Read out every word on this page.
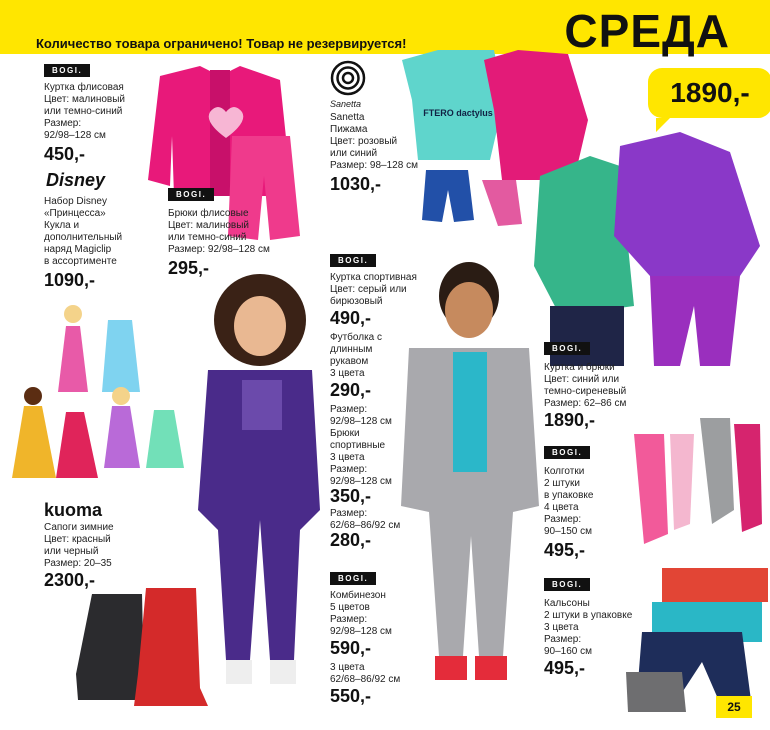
Количество товара ограничено! Товар не резервируется!	СРЕДА
FTERO dactylus
BOGI.
Куртка флисовая
Цвет: малиновый
или темно-синий
Размер:
92/98–128 см
450,-
Disney
Набор Disney
«Принцесса»
Кукла и
дополнительный
наряд Magiclip
в ассортименте
1090,-
BOGI.
Брюки флисовые
Цвет: малиновый
или темно-синий
Размер: 92/98–128 см
295,-
Sanetta
Sanetta
Пижама
Цвет: розовый
или синий
Размер: 98–128 см
1030,-
BOGI.
Куртка спортивная
Цвет: серый или
бирюзовый
490,-
Футболка с
длинным
рукавом
3 цвета
290,-
Размер:
92/98–128 см
Брюки
спортивные
3 цвета
Размер:
92/98–128 см
350,-
Размер:
62/68–86/92 см
280,-
BOGI.
Комбинезон
5 цветов
Размер:
92/98–128 см
590,-
3 цвета
62/68–86/92 см
550,-
kuoma
Сапоги зимние
Цвет: красный
или черный
Размер: 20–35
2300,-
BOGI.
Куртка и брюки
Цвет: синий или
темно-сиреневый
Размер: 62–86 см
1890,-
BOGI.
Колготки
2 штуки
в упаковке
4 цвета
Размер:
90–150 см
495,-
BOGI.
Кальсоны
2 штуки в упаковке
3 цвета
Размер:
90–160 см
495,-
1890,-
25
